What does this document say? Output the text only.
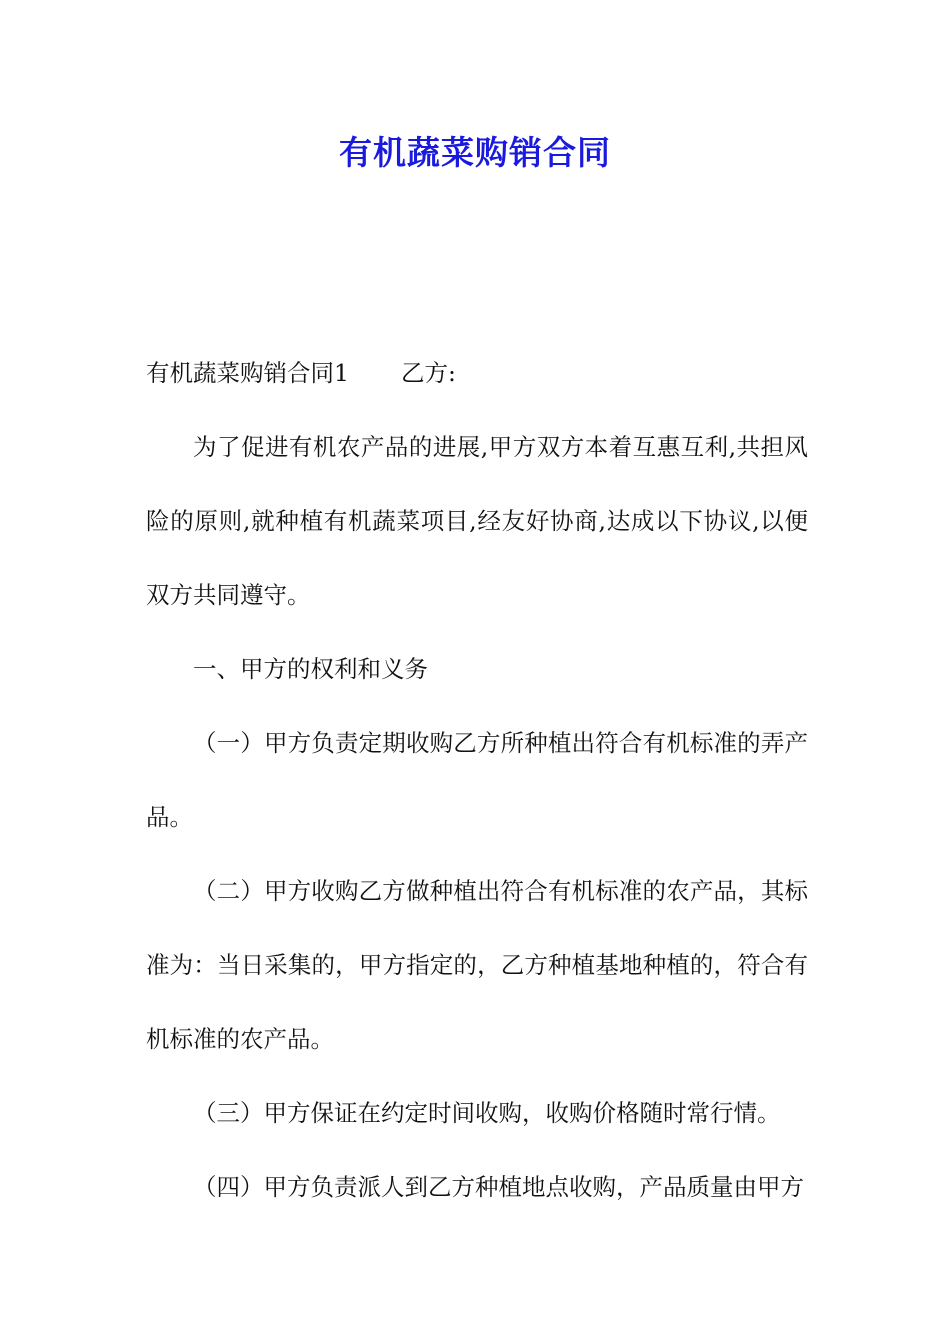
有机蔬菜购销合同

有机蔬菜购销合同1 乙方:

为了促进有机农产品的进展,甲方双方本着互惠互利,共担风险的原则,就种植有机蔬菜项目,经友好协商,达成以下协议,以便双方共同遵守。

一、甲方的权利和义务

（一）甲方负责定期收购乙方所种植出符合有机标准的弄产品。

（二）甲方收购乙方做种植出符合有机标准的农产品，其标准为：当日采集的，甲方指定的，乙方种植基地种植的，符合有机标准的农产品。

（三）甲方保证在约定时间收购，收购价格随时常行情。

（四）甲方负责派人到乙方种植地点收购，产品质量由甲方
